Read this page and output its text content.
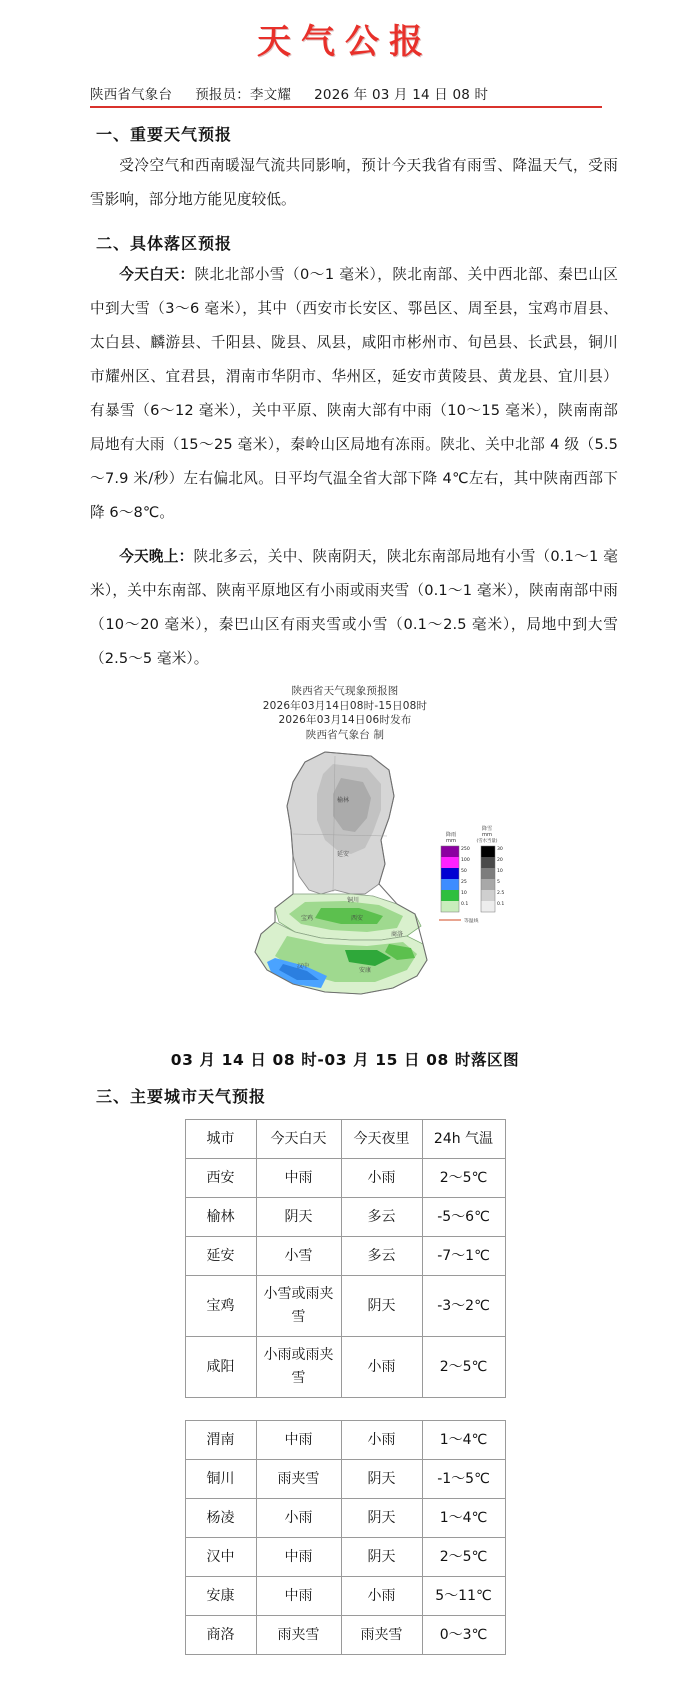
天气公报
陕西省气象台 预报员：李文耀 2026 年 03 月 14 日 08 时
一、重要天气预报

受冷空气和西南暖湿气流共同影响，预计今天我省有雨雪、降温天气，受雨雪影响，部分地方能见度较低。

二、具体落区预报

今天白天：陕北北部小雪（0～1 毫米），陕北南部、关中西北部、秦巴山区中到大雪（3～6 毫米），其中（西安市长安区、鄠邑区、周至县，宝鸡市眉县、太白县、麟游县、千阳县、陇县、凤县，咸阳市彬州市、旬邑县、长武县，铜川市耀州区、宜君县，渭南市华阴市、华州区，延安市黄陵县、黄龙县、宜川县）有暴雪（6～12 毫米），关中平原、陕南大部有中雨（10～15 毫米），陕南南部局地有大雨（15～25 毫米），秦岭山区局地有冻雨。陕北、关中北部 4 级（5.5～7.9 米/秒）左右偏北风。日平均气温全省大部下降 4℃左右，其中陕南西部下降 6～8℃。

今天晚上：陕北多云，关中、陕南阴天，陕北东南部局地有小雪（0.1～1 毫米），关中东南部、陕南平原地区有小雨或雨夹雪（0.1～1 毫米），陕南南部中雨（10～20 毫米），秦巴山区有雨夹雪或小雪（0.1～2.5 毫米），局地中到大雪（2.5～5 毫米）。

陕西省天气现象预报图
2026年03月14日08时-15日08时
2026年03月14日06时发布
陕西省气象台 制
榆林
延安
铜川
宝鸡	西安
商洛
汉中
安康
降雨
mm
250
100
50
25
10
0.1
降雪
mm
(雪水当量)
30
20
10
5
2.5
0.1
等温线
03 月 14 日 08 时-03 月 15 日 08 时落区图
三、主要城市天气预报
城市	今天白天	今天夜里	24h 气温
西安	中雨	小雨	2～5℃
榆林	阴天	多云	-5～6℃
延安	小雪	多云	-7～1℃
宝鸡	小雪或雨夹雪	阴天	-3～2℃
咸阳	小雨或雨夹雪	小雨	2～5℃
渭南	中雨	小雨	1～4℃
铜川	雨夹雪	阴天	-1～5℃
杨凌	小雨	阴天	1～4℃
汉中	中雨	阴天	2～5℃
安康	中雨	小雨	5～11℃
商洛	雨夹雪	雨夹雪	0～3℃
